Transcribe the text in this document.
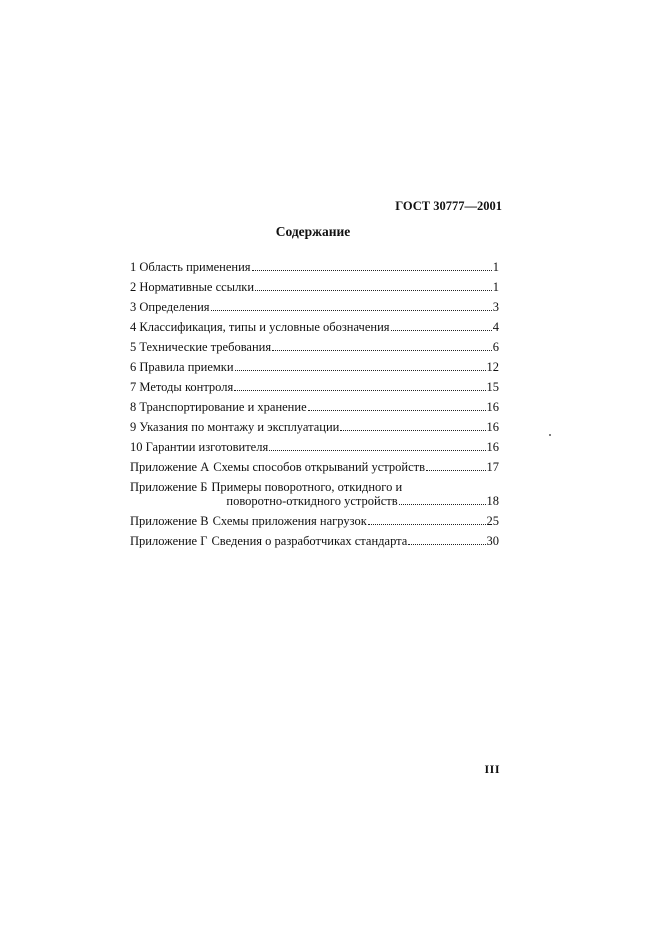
ГОСТ 30777—2001
Содержание
1 Область применения	1
2 Нормативные ссылки	1
3 Определения	3
4 Классификация, типы и условные обозначения	4
5 Технические требования	6
6 Правила приемки	12
7 Методы контроля	15
8 Транспортирование и хранение	16
9 Указания по монтажу и эксплуатации	16
10 Гарантии изготовителя	16
Приложение А Схемы способов открываний устройств	17
Приложение Б Примеры поворотного, откидного и
поворотно-откидного устройств	18
Приложение В Схемы приложения нагрузок	25
Приложение Г Сведения о разработчиках стандарта	30
III
